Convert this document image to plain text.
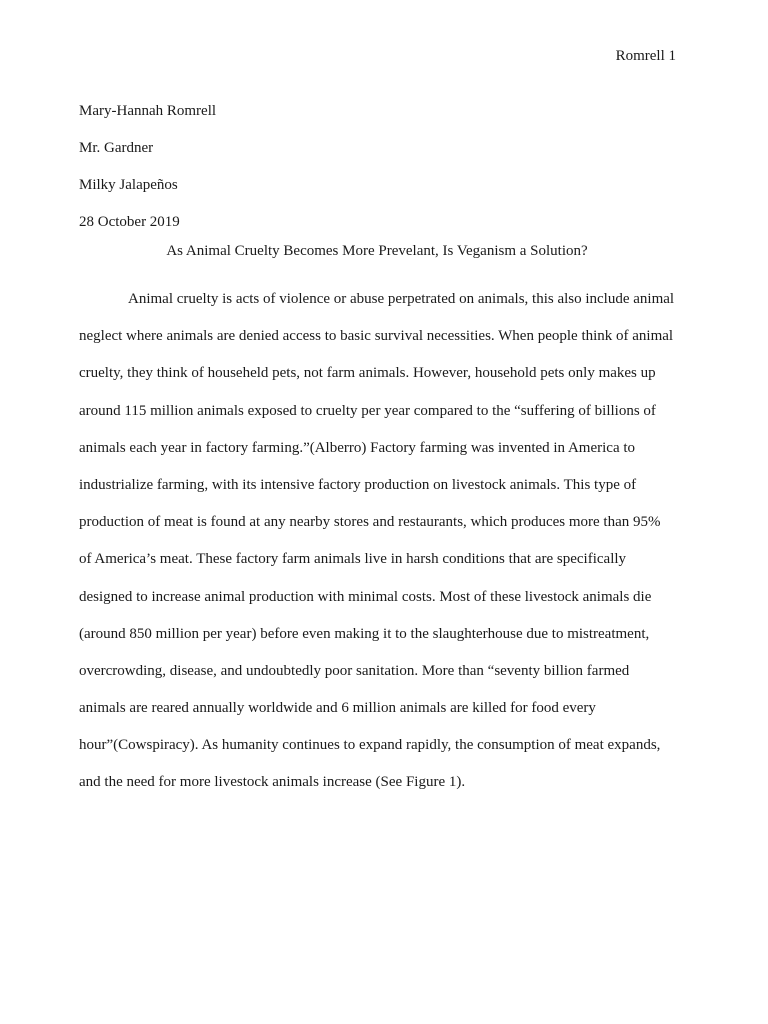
Romrell 1
Mary-Hannah Romrell
Mr. Gardner
Milky Jalapeños
28 October 2019
As Animal Cruelty Becomes More Prevelant, Is Veganism a Solution?
Animal cruelty is acts of violence or abuse perpetrated on animals, this also include animal
neglect where animals are denied access to basic survival necessities. When people think of animal
cruelty, they think of househeld pets, not farm animals. However, household pets only makes up
around 115 million animals exposed to cruelty per year compared to the “suffering of billions of
animals each year in factory farming.”(Alberro) Factory farming was invented in America to
industrialize farming, with its intensive factory production on livestock animals. This type of
production of meat is found at any nearby stores and restaurants, which produces more than 95%
of America’s meat. These factory farm animals live in harsh conditions that are specifically
designed to increase animal production with minimal costs. Most of these livestock animals die
(around 850 million per year) before even making it to the slaughterhouse due to mistreatment,
overcrowding, disease, and undoubtedly poor sanitation. More than “seventy billion farmed
animals are reared annually worldwide and 6 million animals are killed for food every
hour”(Cowspiracy). As humanity continues to expand rapidly, the consumption of meat expands,
and the need for more livestock animals increase (See Figure 1).
